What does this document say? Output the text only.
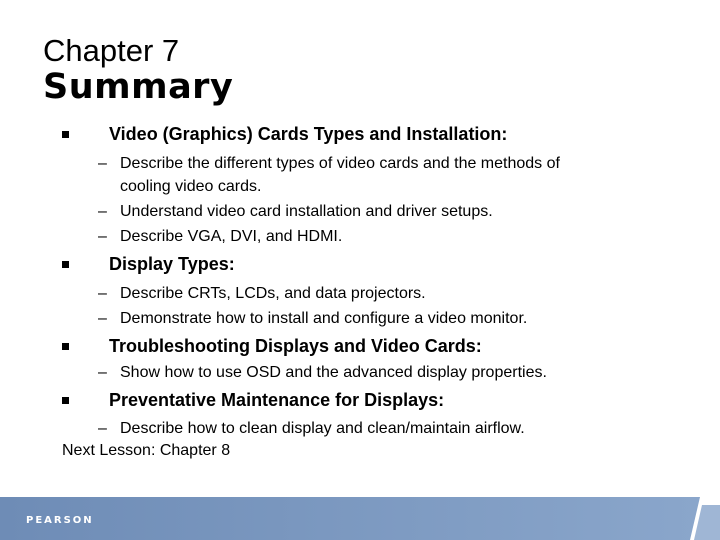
Chapter 7
Summary
Video (Graphics) Cards Types and Installation:
– Describe the different types of video cards and the methods of
cooling video cards.
– Understand video card installation and driver setups.
– Describe VGA, DVI, and HDMI.
Display Types:
– Describe CRTs, LCDs, and data projectors.
– Demonstrate how to install and configure a video monitor.
Troubleshooting Displays and Video Cards:
– Show how to use OSD and the advanced display properties.
Preventative Maintenance for Displays:
– Describe how to clean display and clean/maintain airflow.
Next Lesson: Chapter 8
PEARSON
